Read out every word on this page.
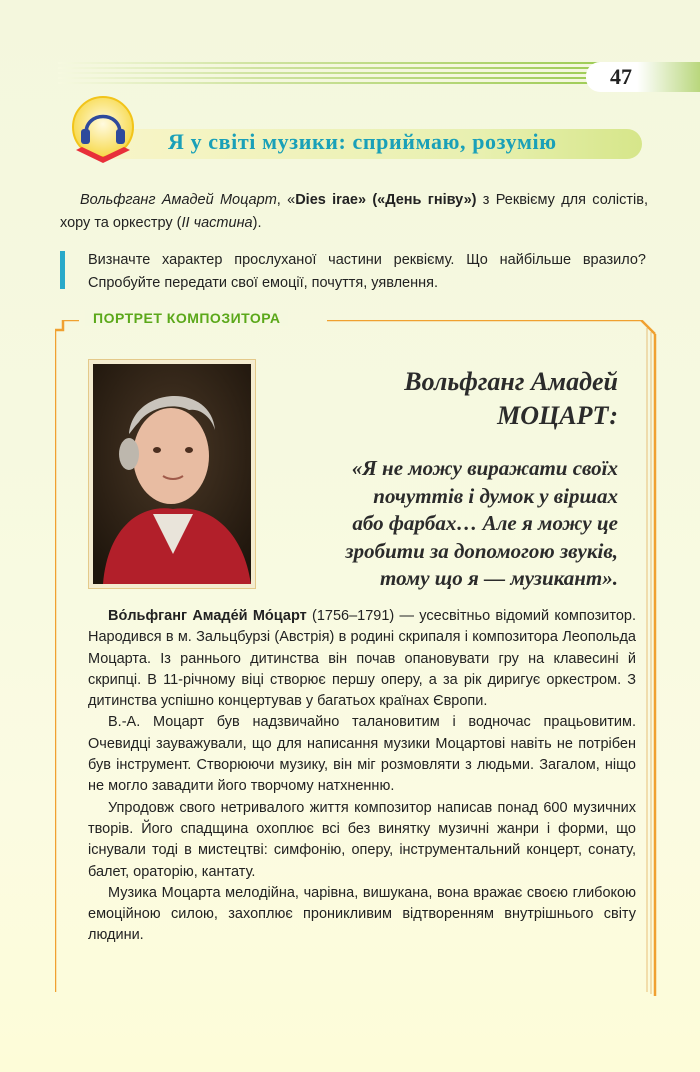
47
Я у світі музики: сприймаю, розумію
Вольфганг Амадей Моцарт, «Dies irae» («День гніву») з Реквієму для солістів, хору та оркестру (ІІ частина).

Визначте характер прослуханої частини реквієму. Що найбільше вразило? Спробуйте передати свої емоції, почуття, уявлення.

ПОРТРЕТ КОМПОЗИТОРА
Вольфганг Амадей
МОЦАРТ:
«Я не можу виражати своїх
почуттів і думок у віршах
або фарбах… Але я можу це
зробити за допомогою звуків,
тому що я — музикант».

Во́льфганг Амаде́й Мо́царт (1756–1791) — усесвітньо відомий композитор. Народився в м. Зальцбурзі (Австрія) в родині скрипаля і композитора Леопольда Моцарта. Із раннього дитинства він почав опановувати гру на клавесині й скрипці. В 11-річному віці створює першу оперу, а за рік диригує оркестром. З дитинства успішно концертував у багатьох країнах Європи.

В.-А. Моцарт був надзвичайно талановитим і водночас працьовитим. Очевидці зауважували, що для написання музики Моцартові навіть не потрібен був інструмент. Створюючи музику, він міг розмовляти з людьми. Загалом, ніщо не могло завадити його творчому натхненню.

Упродовж свого нетривалого життя композитор написав понад 600 музичних творів. Його спадщина охоплює всі без винятку музичні жанри і форми, що існували тоді в мистецтві: симфонію, оперу, інструментальний концерт, сонату, балет, ораторію, кантату.

Музика Моцарта мелодійна, чарівна, вишукана, вона вражає своєю глибокою емоційною силою, захоплює проникливим відтворенням внутрішнього світу людини.
